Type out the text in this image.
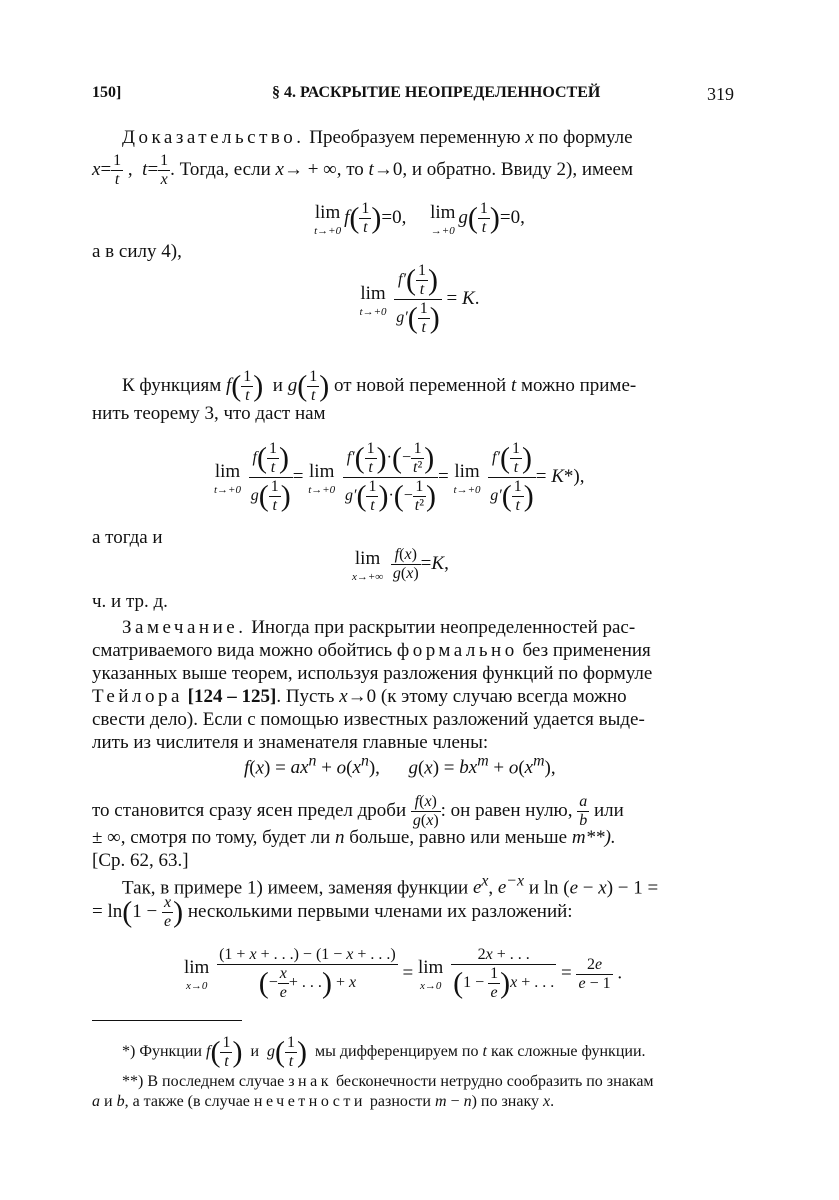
150]	§ 4. РАСКРЫТИЕ НЕОПРЕДЕЛЕННОСТЕЙ	319
Доказательство. Преобразуем переменную x по формуле
$x= \frac{1}{t}$ ,  $t= \frac{1}{x}$ . Тогда, если x→ + ∞, то t→0, и обратно. Ввиду 2), имеем
lim
t→+0
$f( \frac{1}{t} )=0$,     lim
→+0
$g( \frac{1}{t} )=0$,
а в силу 4),
lim
t→+0
$\frac{f'( \frac{1}{t} )}{g'( \frac{1}{t} )} = K$.
К функциям $f( \frac{1}{t}$ ) и $g( \frac{1}{t}$ ) от новой переменной t можно приме-
нить теорему 3, что даст нам
lim
t→+0
$\frac{f( \frac{1}{t} )}{g( \frac{1}{t} )} = \lim$
t→+0
$\frac{f'( \frac{1}{t} )\cdot(- \frac{1}{\text{t²}} )}{g'( \frac{1}{t} )\cdot(- \frac{1}{\text{t²}} )} = \lim$
t→+0
$\frac{f'( \frac{1}{t} )}{g'( \frac{1}{t} )} = K*$),
а тогда и
lim
x→+∞
$\frac{f(x)}{g(x)} =K$,
ч. и тр. д.
Замечание. Иногда при раскрытии неопределенностей рас-
сматриваемого вида можно обойтись формально без применения
указанных выше теорем, используя разложения функций по формуле
Тейлора [124 – 125]. Пусть x→0 (к этому случаю всегда можно
свести дело). Если с помощью известных разложений удается выде-
лить из числителя и знаменателя главные члены:
$f(x) = ax^n + o(x^n)$,      $g(x) = bx^m + o(x^m)$,
то становится сразу ясен предел дроби $\frac{f(x)}{g(x)}$ : он равен нулю, $\frac{a}{b}$ или
± ∞, смотря по тому, будет ли n больше, равно или меньше m**).
[Ср. 62, 63.]
Так, в примере 1) имеем, заменяя функции $e^x$, $e^{-x}$ и ln (e − x) − 1 =
= $\ln(1 - \frac{x}{e}$ ) несколькими первыми членами их разложений:
lim
x→0
$\frac{(1 + x + . . .) - (1 - x + . . .)}{(- \frac{x}{e} + . . .) + x} = \lim$
x→0
$\frac{2x + . . .}{(1 - \frac{1}{e} )x + . . .} = \frac{2e}{e - 1}$ .
*) Функции $f( \frac{1}{t}$ ) и $g( \frac{1}{t}$ ) мы дифференцируем по t как сложные функции.
**) В последнем случае знак бесконечности нетрудно сообразить по знакам
a и b, а также (в случае нечетности разности m − n) по знаку x.
